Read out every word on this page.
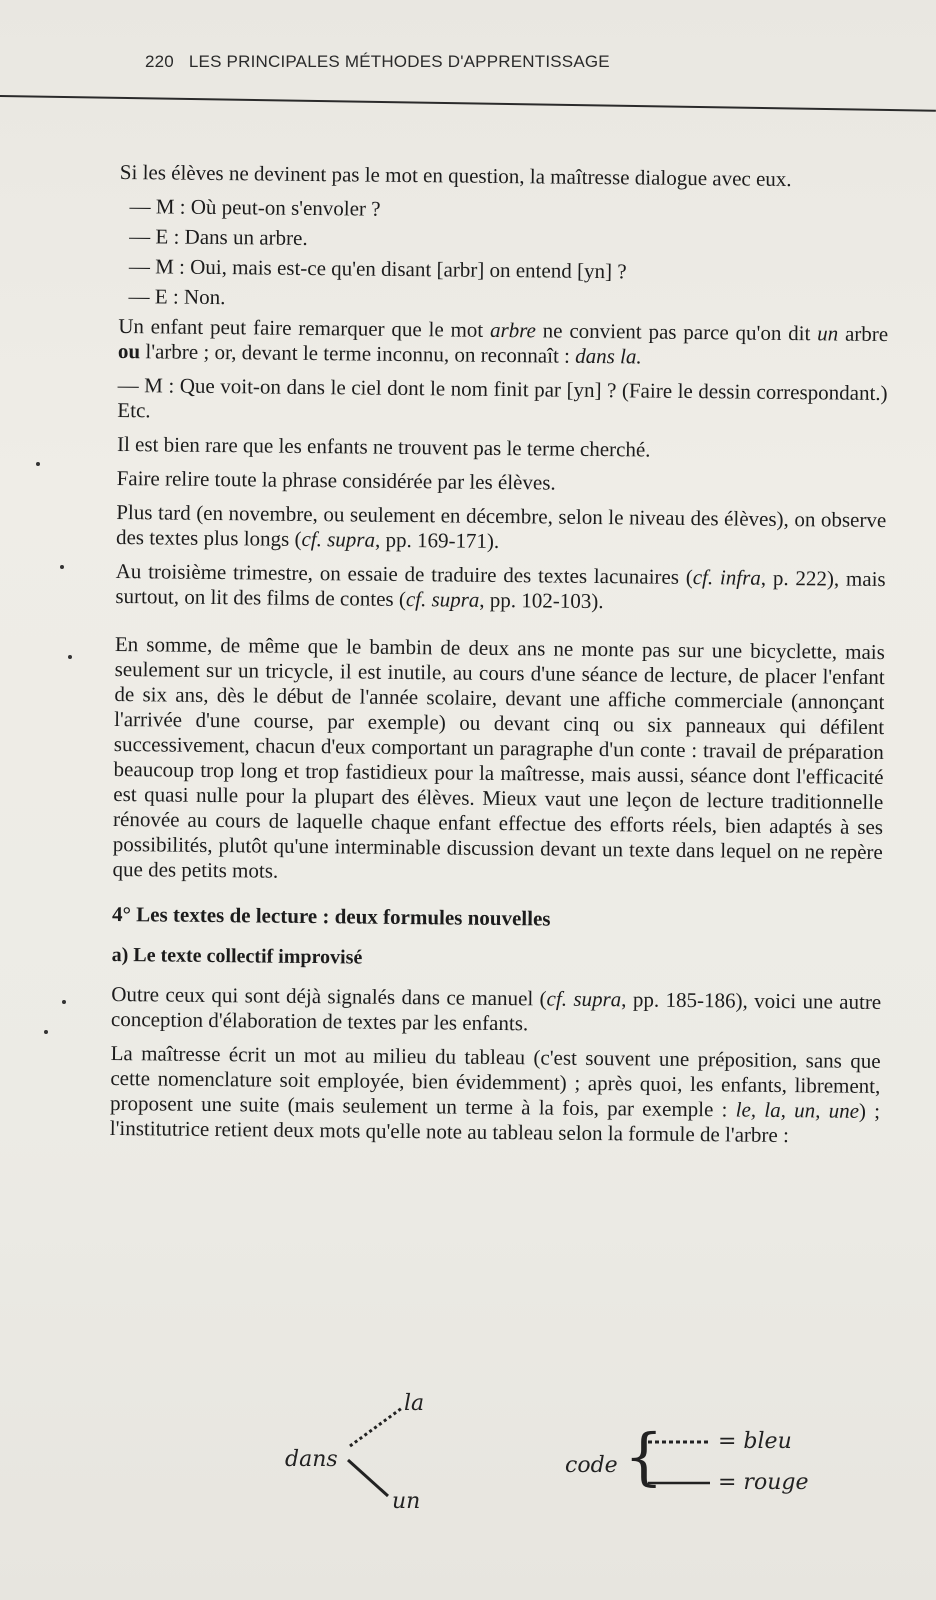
220 LES PRINCIPALES MÉTHODES D'APPRENTISSAGE

Si les élèves ne devinent pas le mot en question, la maîtresse dialogue avec eux.

— M : Où peut-on s'envoler ?

— E : Dans un arbre.

— M : Oui, mais est-ce qu'en disant [arbr] on entend [yn] ?

— E : Non.

Un enfant peut faire remarquer que le mot arbre ne convient pas parce qu'on dit un arbre ou l'arbre ; or, devant le terme inconnu, on reconnaît : dans la.

— M : Que voit-on dans le ciel dont le nom finit par [yn] ? (Faire le dessin correspondant.) Etc.

Il est bien rare que les enfants ne trouvent pas le terme cherché.

Faire relire toute la phrase considérée par les élèves.

Plus tard (en novembre, ou seulement en décembre, selon le niveau des élèves), on observe des textes plus longs (cf. supra, pp. 169-171).

Au troisième trimestre, on essaie de traduire des textes lacunaires (cf. infra, p. 222), mais surtout, on lit des films de contes (cf. supra, pp. 102-103).

En somme, de même que le bambin de deux ans ne monte pas sur une bicyclette, mais seulement sur un tricycle, il est inutile, au cours d'une séance de lecture, de placer l'enfant de six ans, dès le début de l'année scolaire, devant une affiche commerciale (annonçant l'arrivée d'une course, par exemple) ou devant cinq ou six panneaux qui défilent successivement, chacun d'eux comportant un paragraphe d'un conte : travail de préparation beaucoup trop long et trop fastidieux pour la maîtresse, mais aussi, séance dont l'efficacité est quasi nulle pour la plupart des élèves. Mieux vaut une leçon de lecture traditionnelle rénovée au cours de laquelle chaque enfant effectue des efforts réels, bien adaptés à ses possibilités, plutôt qu'une interminable discussion devant un texte dans lequel on ne repère que des petits mots.

4° Les textes de lecture : deux formules nouvelles
a) Le texte collectif improvisé

Outre ceux qui sont déjà signalés dans ce manuel (cf. supra, pp. 185-186), voici une autre conception d'élaboration de textes par les enfants.

La maîtresse écrit un mot au milieu du tableau (c'est souvent une préposition, sans que cette nomenclature soit employée, bien évidemment) ; après quoi, les enfants, librement, proposent une suite (mais seulement un terme à la fois, par exemple : le, la, un, une) ; l'institutrice retient deux mots qu'elle note au tableau selon la formule de l'arbre :

dans
la
un
code { = bleu
= rouge
